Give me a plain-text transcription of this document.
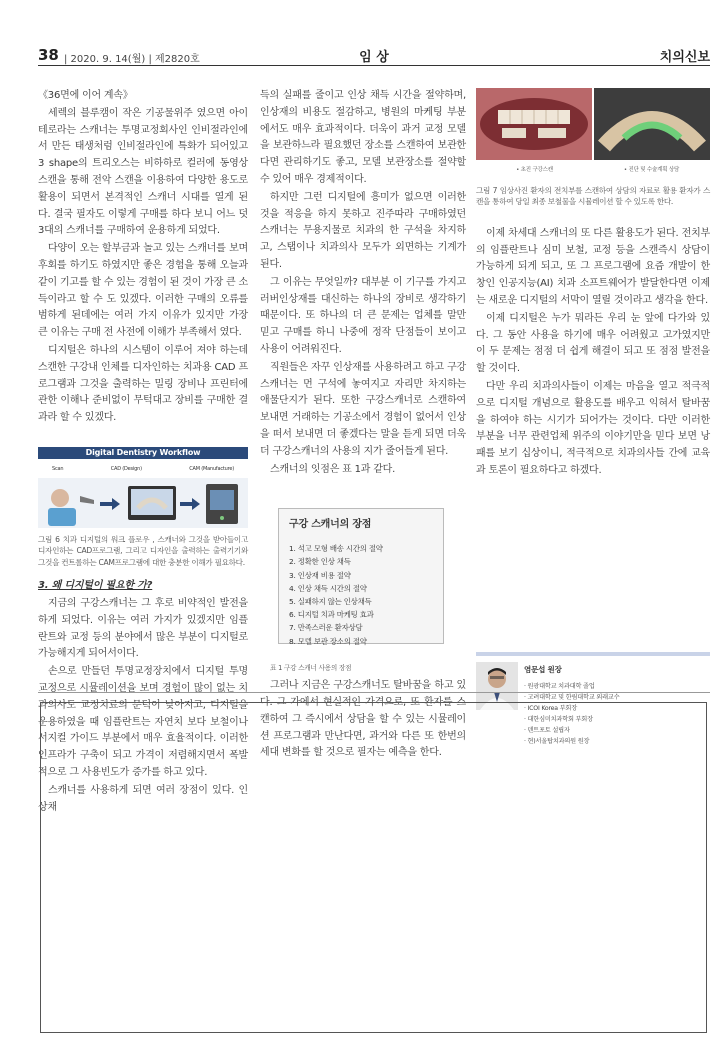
38 | 2020. 9. 14(월) | 제2820호	임 상	치의신보

《36면에 이어 계속》

세렉의 블루캠이 작은 기공물위주 였으면 아이테로라는 스캐너는 투명교정회사인 인비절라인에서 만든 태생처럼 인비절라인에 특화가 되어있고 3 shape의 트리오스는 비하하로 컬러에 동영상 스캔을 통해 전악 스캔을 이용하여 다양한 용도로 활용이 되면서 본격적인 스캐너 시대를 열게 된다. 결국 필자도 이렇게 구매를 하다 보니 어느 덧 3대의 스캐너를 구매하여 운용하게 되었다.

다양이 오는 할부금과 놀고 있는 스캐너를 보며 후회를 하기도 하였지만 좋은 경험을 통해 오늘과 같이 기고를 할 수 있는 경험이 된 것이 가장 큰 소득이라고 할 수 도 있겠다. 이러한 구매의 오류를 범하게 된데에는 여러 가지 이유가 있지만 가장 큰 이유는 구매 전 사전에 이해가 부족해서 였다.

디지털은 하나의 시스템이 이루어 져야 하는데 스캔한 구강내 인체를 디자인하는 치과용 CAD 프로그램과 그것을 출력하는 밀링 장비나 프린터에 관한 이해나 준비없이 무턱대고 장비를 구매한 결과라 할 수 있겠다.

Digital Dentistry Workflow
Scan	CAD (Design)	CAM (Manufacture)

그림 6 치과 디지털의 워크 플로우 , 스캐너와 그것을 받아들이고 디자인하는 CAD프로그램, 그리고 디자인을 출력하는 출력기기와 그것을 컨트롤하는 CAM프로그램에 대한 충분한 이해가 필요하다.

3. 왜 디지털이 필요한 가?

지금의 구강스캐너는 그 후로 비약적인 발전을 하게 되었다. 이유는 여러 가지가 있겠지만 임플란트와 교정 등의 분야에서 많은 부분이 디지털로 가능해지게 되어서이다.

손으로 만들던 투명교정장치에서 디지털 투명교정으로 시뮬레이션을 보며 경험이 많이 없는 치과의사도 교정치료의 문턱이 낮아지고, 디지털을 운용하였을 때 임플란트는 자연치 보다 보철이나 서지컬 가이드 부분에서 매우 효율적이다. 이러한 인프라가 구축이 되고 가격이 저렴해지면서 폭발적으로 그 사용빈도가 증가를 하고 있다.

스캐너를 사용하게 되면 여러 장점이 있다. 인상채

득의 실패를 줄이고 인상 채득 시간을 절약하며, 인상재의 비용도 절감하고, 병원의 마케팅 부분에서도 매우 효과적이다. 더욱이 과거 교정 모델을 보관하느라 필요했던 장소를 스캔하여 보관한다면 관리하기도 좋고, 모델 보관장소를 절약할 수 있어 매우 경제적이다.

하지만 그런 디지털에 흥미가 없으면 이러한 것을 적응을 하지 못하고 진주따라 구매하였던 스캐너는 무용지물로 치과의 한 구석을 차지하고, 스탭이나 치과의사 모두가 외면하는 기계가 된다.

그 이유는 무엇일까? 대부분 이 기구를 가지고 러버인상재를 대신하는 하나의 장비로 생각하기 때문이다. 또 하나의 더 큰 문제는 업체를 말만 믿고 구매를 하니 나중에 정작 단점들이 보이고 사용이 어려워진다.

직원들은 자꾸 인상재를 사용하려고 하고 구강스캐너는 먼 구석에 놓여지고 자리만 차지하는 애물단지가 된다. 또한 구강스캐너로 스캔하여 보내면 거래하는 기공소에서 경험이 없어서 인상을 떠서 보내면 더 좋겠다는 말을 듣게 되면 더욱 더 구강스캐너의 사용의 지가 줄어들게 된다.

스캐너의 잇점은 표 1과 같다.

구강 스캐너의 장점
1. 석고 모형 배송 시간의 절약
2. 정확한 인상 채득
3. 인상재 비용 절약
4. 인상 채득 시간의 절약
5. 실패하지 않는 인상채득
6. 디지털 치과 마케팅 효과
7. 만족스러운 환자상담
8. 모델 보관 장소의 절약

표 1 구강 스캐너 사용의 장점

그러나 지금은 구강스캐너도 탈바꿈을 하고 있다. 그 가에서 현실적인 가격으로, 또 환자를 스캔하여 그 즉시에서 상담을 할 수 있는 시뮬레이션 프로그램과 만난다면, 과거와 다른 또 한번의 세대 변화를 할 것으로 필자는 예측을 한다.

• 초진 구강스캔	• 진단 및 수술계획 상담

그림 7 임상사진 환자의 전치부를 스캔하여 상담의 자료로 활용 환자가 스캔을 통하여 당일 최종 보철물을 시뮬레이션 할 수 있도록 한다.

이제 차세대 스캐너의 또 다른 활용도가 된다. 전치부의 임플란트나 심미 보철, 교정 등을 스캔즉시 상담이 가능하게 되게 되고, 또 그 프로그램에 요즘 개발이 한 창인 인공지능(AI) 치과 소프트웨어가 발달한다면 이제는 새로운 디지털의 서막이 열릴 것이라고 생각을 한다.

이제 디지털은 누가 뭐라든 우리 눈 앞에 다가와 있다. 그 동안 사용을 하기에 매우 어려웠고 고가였지만 이 두 문제는 점점 더 쉽게 해결이 되고 또 점점 발전을 할 것이다.

다만 우리 치과의사들이 이제는 마음을 열고 적극적으로 디지털 개념으로 활용도를 배우고 익혀서 탈바꿈을 하여야 하는 시기가 되어가는 것이다. 다만 이러한 부분을 너무 관련업체 위주의 이야기만을 믿다 보면 낭패를 보기 십상이니, 적극적으로 치과의사들 간에 교육과 토론이 필요하다고 하겠다.

염문섭 원장
· 원광대학교 치과대학 졸업
· 고려대학교 및 한림대학교 외래교수
· ICOI Korea 부회장
· 대한심미치과학회 부회장
· 덴트포토 설립자
· 현)서울탑치과의원 원장
